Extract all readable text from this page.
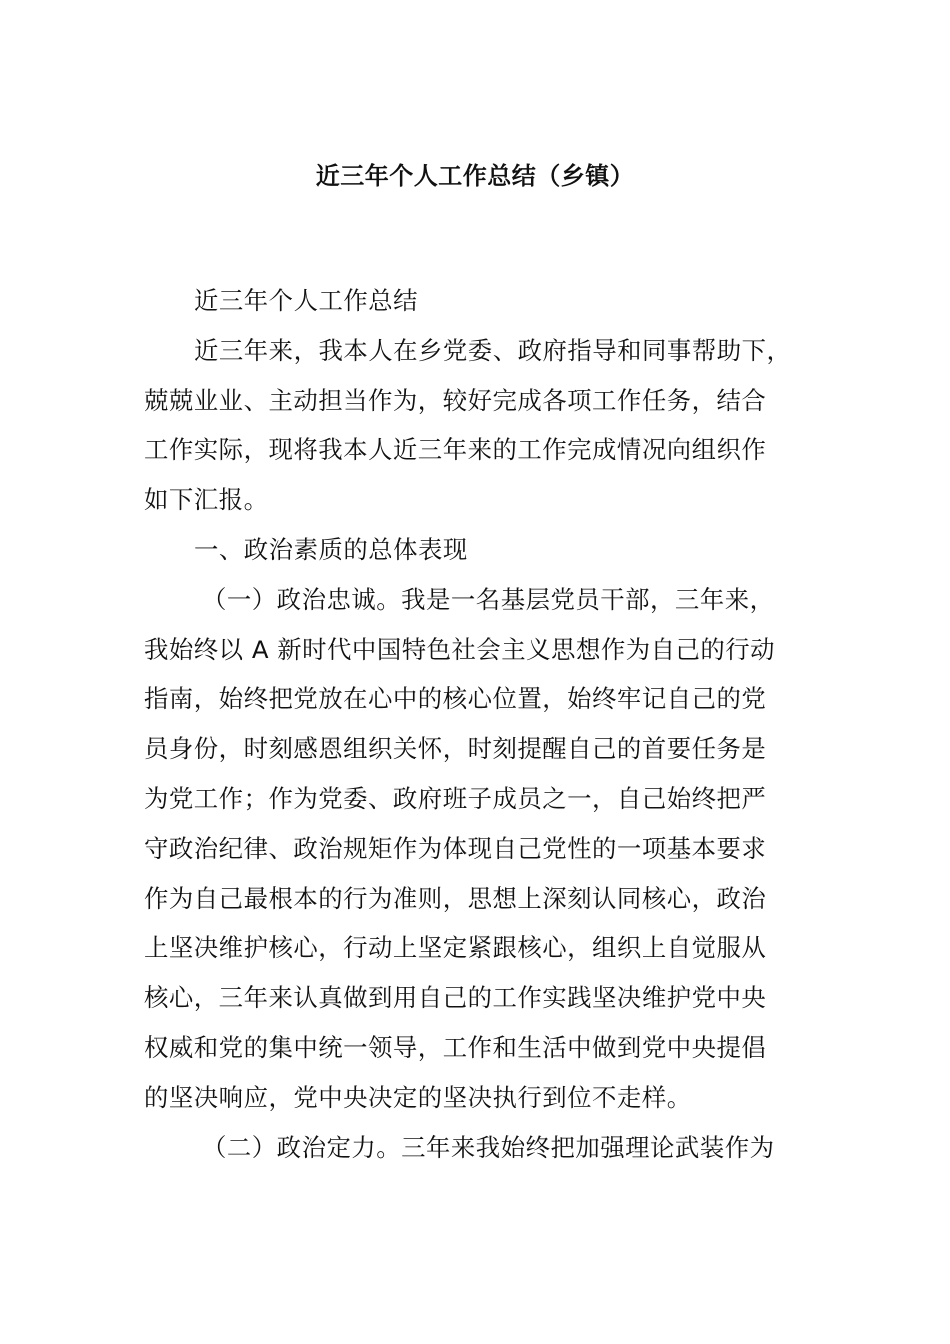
近三年个人工作总结（乡镇）
近三年个人工作总结
近三年来，我本人在乡党委、政府指导和同事帮助下，
兢兢业业、主动担当作为，较好完成各项工作任务，结合
工作实际，现将我本人近三年来的工作完成情况向组织作
如下汇报。
一、政治素质的总体表现
（一）政治忠诚。我是一名基层党员干部，三年来，
我始终以 A 新时代中国特色社会主义思想作为自己的行动
指南，始终把党放在心中的核心位置，始终牢记自己的党
员身份，时刻感恩组织关怀，时刻提醒自己的首要任务是
为党工作；作为党委、政府班子成员之一，自己始终把严
守政治纪律、政治规矩作为体现自己党性的一项基本要求
作为自己最根本的行为准则，思想上深刻认同核心，政治
上坚决维护核心，行动上坚定紧跟核心，组织上自觉服从
核心，三年来认真做到用自己的工作实践坚决维护党中央
权威和党的集中统一领导，工作和生活中做到党中央提倡
的坚决响应，党中央决定的坚决执行到位不走样。
（二）政治定力。三年来我始终把加强理论武装作为
